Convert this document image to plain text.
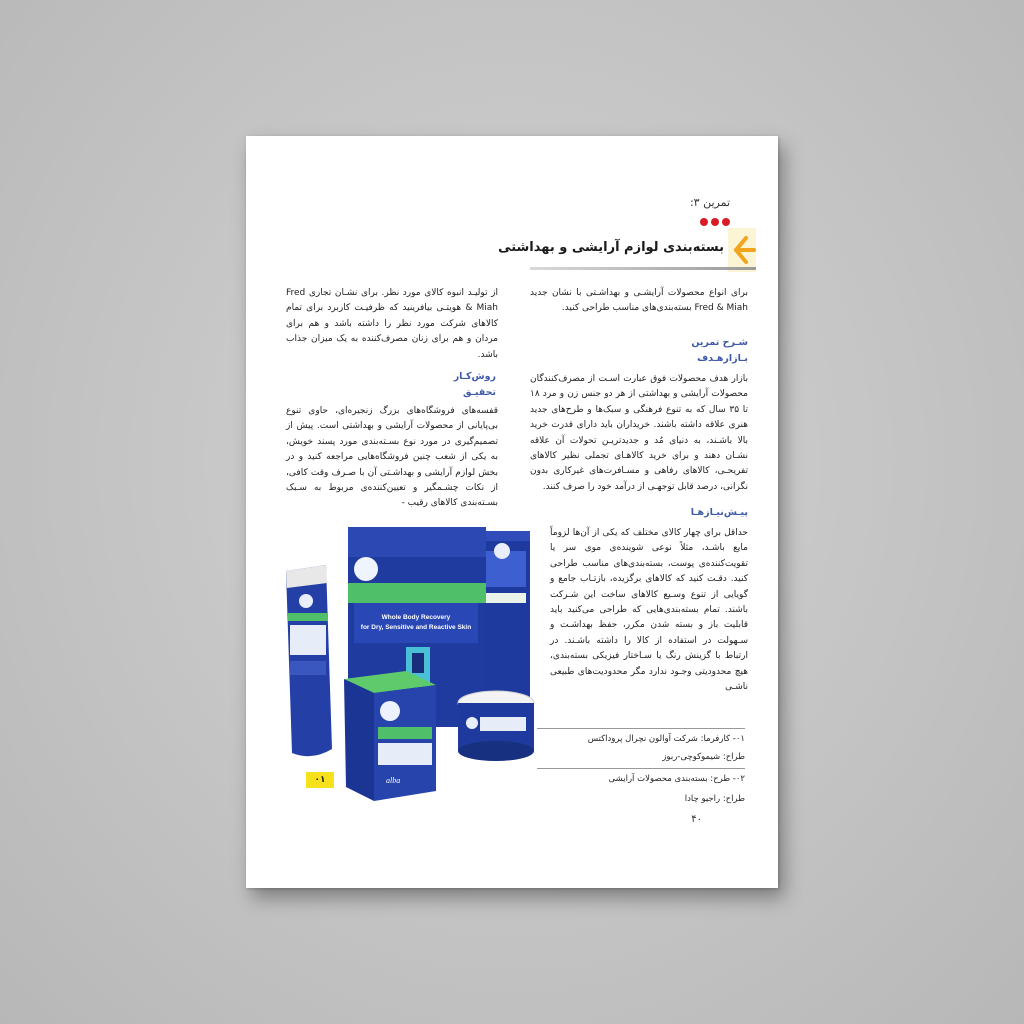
تمرین ۳:
بسته‌بندی لوازم آرایشی و بهداشتی
برای انواع محصولات آرایشـی و بهداشـتی با نشان جدید Fred & Miah بسته‌بندی‌های مناسب طراحی کنید.
شـرح تمرین
بـازارهـدف
بازار هدف محصولات فوق عبارت اسـت از مصرف‌کنندگان محصولات آرایشی و بهداشتی از هر دو جنس زن و مرد ۱۸ تا ۳۵ سال که به تنوع فرهنگی و سبک‌ها و طرح‌های جدید هنری علاقه داشته باشند. خریداران باید دارای قدرت خرید بالا باشـند، به دنیای مُد و جدیدتریـن تحولات آن علاقه نشـان دهند و برای خرید کالاهـای تجملی نظیر کالاهای تفریحـی، کالاهای رفاهی و مسـافرت‌های غیرکاری بدون نگرانی، درصد قابل توجهـی از درآمد خود را صرف کنند.
پیـش‌نیـازهـا
حداقل برای چهار کالای مختلف که یکی از آن‌ها لزوماً مایع باشـد، مثلاً نوعی شوینده‌ی موی سر یا تقویت‌کننده‌ی پوست، بسته‌بندی‌های مناسب طراحی کنید. دقـت کنید که کالاهای برگزیده، بازتـاب جامع و گویایی از تنوع وسـیع کالاهای ساخت این شـرکت باشند. تمام بسته‌بندی‌هایی که طراحی می‌کنید باید قابلیت باز و بسته شدن مکرر، حفظ بهداشـت و سـهولت در استفاده از کالا را داشته باشـند. در ارتباط با گزینش رنگ یا سـاختار فیزیکی بسته‌بندی، هیچ محدودیتی وجـود ندارد مگر محدودیت‌های طبیعی ناشـی
از تولیـد انبوه کالای مورد نظر. برای نشـان تجاری Fred & Miah هویتـی بیافرینید که ظرفیـت کاربرد برای تمام کالاهای شرکت مورد نظر را داشته باشد و هم برای مردان و هم برای زنان مصرف‌کننده به یک میزان جذاب باشد.
روش‌کـار
تحقیـق
قفسه‌های فروشگاه‌های بزرگ زنجیره‌ای، حاوی تنوع بی‌پایانی از محصولات آرایشی و بهداشتی است. پیش از تصمیم‌گیری در مورد نوع بسـته‌بندی مورد پسند خویش، به یکی از شعب چنین فروشگاه‌هایی مراجعه کنید و در بخش لوازم آرایشی و بهداشـتی آن با صـرف وقت کافی، از نکات چشـمگیر و تعیین‌کننده‌ی مربوط به سـبک بسـته‌بندی کالاهای رقیب -
Whole Body Recovery
for Dry, Sensitive and Reactive Skin
alba
۰۱
۰۱- کارفرما: شرکت آوالون نچرال پروداکتس
طراح: شیموکوچی-ربوز
۰۲- طرح: بسته‌بندی محصولات آرایشی
طراح: راجیو چادا
۴۰
